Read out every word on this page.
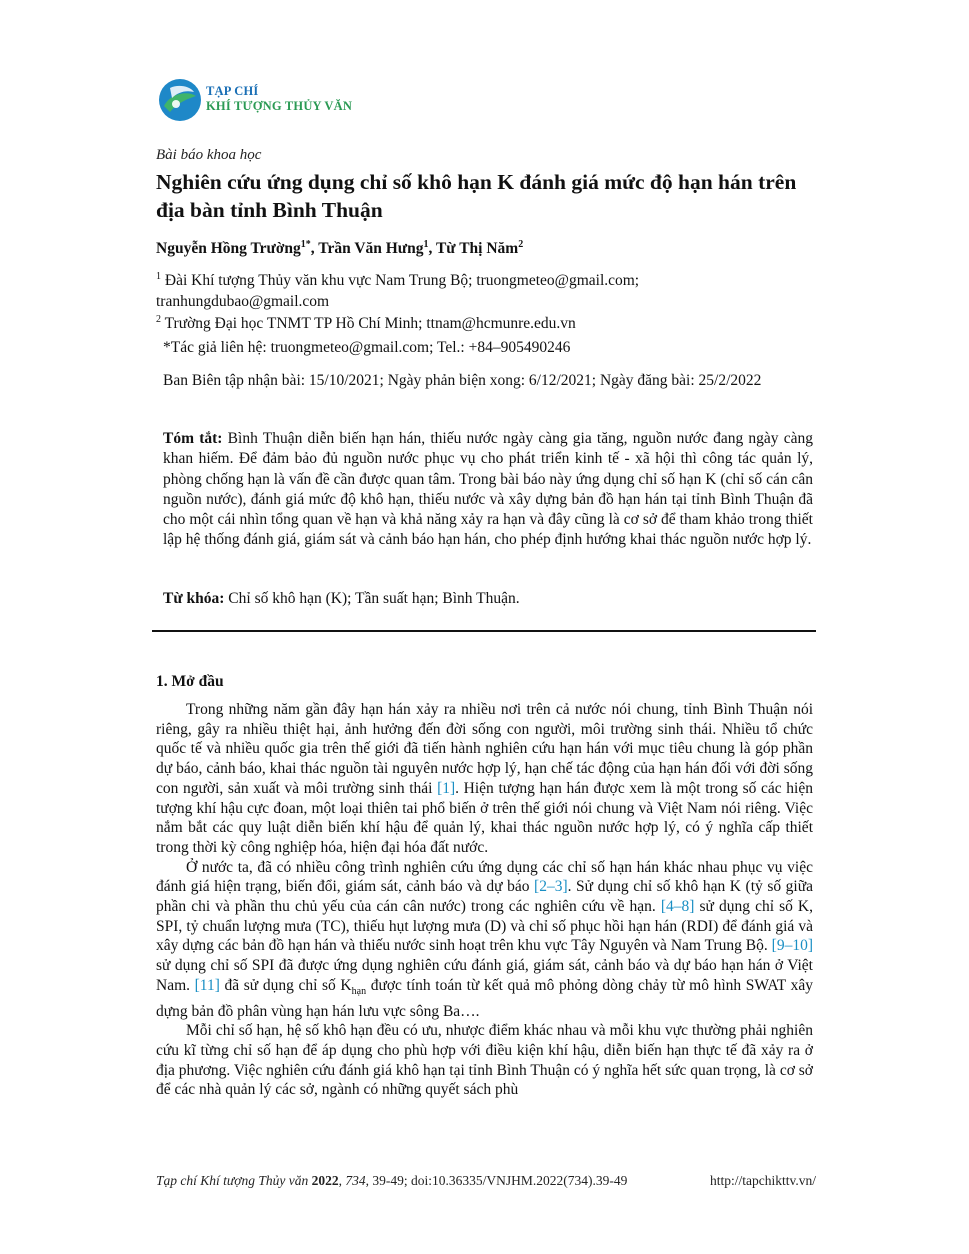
TẠP CHÍ
KHÍ TƯỢNG THỦY VĂN
Bài báo khoa học
Nghiên cứu ứng dụng chỉ số khô hạn K đánh giá mức độ hạn hán trên địa bàn tỉnh Bình Thuận
Nguyễn Hồng Trường$^{1*}$, Trần Văn Hưng$^1$, Từ Thị Năm$^2$
$^1$ Đài Khí tượng Thủy văn khu vực Nam Trung Bộ; truongmeteo@gmail.com; tranhungdubao@gmail.com
$^2$ Trường Đại học TNMT TP Hồ Chí Minh; ttnam@hcmunre.edu.vn
*Tác giả liên hệ: truongmeteo@gmail.com; Tel.: +84–905490246
Ban Biên tập nhận bài: 15/10/2021; Ngày phản biện xong: 6/12/2021; Ngày đăng bài: 25/2/2022
Tóm tắt: Bình Thuận diễn biến hạn hán, thiếu nước ngày càng gia tăng, nguồn nước đang ngày càng khan hiếm. Để đảm bảo đủ nguồn nước phục vụ cho phát triển kinh tế - xã hội thì công tác quản lý, phòng chống hạn là vấn đề cần được quan tâm. Trong bài báo này ứng dụng chỉ số hạn K (chỉ số cán cân nguồn nước), đánh giá mức độ khô hạn, thiếu nước và xây dựng bản đồ hạn hán tại tỉnh Bình Thuận đã cho một cái nhìn tổng quan về hạn và khả năng xảy ra hạn và đây cũng là cơ sở để tham khảo trong thiết lập hệ thống đánh giá, giám sát và cảnh báo hạn hán, cho phép định hướng khai thác nguồn nước hợp lý.
Từ khóa: Chỉ số khô hạn (K); Tần suất hạn; Bình Thuận.
1. Mở đầu

Trong những năm gần đây hạn hán xảy ra nhiều nơi trên cả nước nói chung, tỉnh Bình Thuận nói riêng, gây ra nhiều thiệt hại, ảnh hưởng đến đời sống con người, môi trường sinh thái. Nhiều tổ chức quốc tế và nhiều quốc gia trên thế giới đã tiến hành nghiên cứu hạn hán với mục tiêu chung là góp phần dự báo, cảnh báo, khai thác nguồn tài nguyên nước hợp lý, hạn chế tác động của hạn hán đối với đời sống con người, sản xuất và môi trường sinh thái [1]. Hiện tượng hạn hán được xem là một trong số các hiện tượng khí hậu cực đoan, một loại thiên tai phổ biến ở trên thế giới nói chung và Việt Nam nói riêng. Việc nắm bắt các quy luật diễn biến khí hậu để quản lý, khai thác nguồn nước hợp lý, có ý nghĩa cấp thiết trong thời kỳ công nghiệp hóa, hiện đại hóa đất nước.

Ở nước ta, đã có nhiều công trình nghiên cứu ứng dụng các chỉ số hạn hán khác nhau phục vụ việc đánh giá hiện trạng, biến đổi, giám sát, cảnh báo và dự báo [2–3]. Sử dụng chỉ số khô hạn K (tỷ số giữa phần chi và phần thu chủ yếu của cán cân nước) trong các nghiên cứu về hạn. [4–8] sử dụng chỉ số K, SPI, tỷ chuẩn lượng mưa (TC), thiếu hụt lượng mưa (D) và chỉ số phục hồi hạn hán (RDI) để đánh giá và xây dựng các bản đồ hạn hán và thiếu nước sinh hoạt trên khu vực Tây Nguyên và Nam Trung Bộ. [9–10] sử dụng chỉ số SPI đã được ứng dụng nghiên cứu đánh giá, giám sát, cảnh báo và dự báo hạn hán ở Việt Nam. [11] đã sử dụng chỉ số $K_{hạn}$ được tính toán từ kết quả mô phỏng dòng chảy từ mô hình SWAT xây dựng bản đồ phân vùng hạn hán lưu vực sông Ba….

Mỗi chỉ số hạn, hệ số khô hạn đều có ưu, nhược điểm khác nhau và mỗi khu vực thường phải nghiên cứu kĩ từng chỉ số hạn để áp dụng cho phù hợp với điều kiện khí hậu, diễn biến hạn thực tế đã xảy ra ở địa phương. Việc nghiên cứu đánh giá khô hạn tại tỉnh Bình Thuận có ý nghĩa hết sức quan trọng, là cơ sở để các nhà quản lý các sở, ngành có những quyết sách phù

Tạp chí Khí tượng Thủy văn 2022, 734, 39-49; doi:10.36335/VNJHM.2022(734).39-49	http://tapchikttv.vn/
